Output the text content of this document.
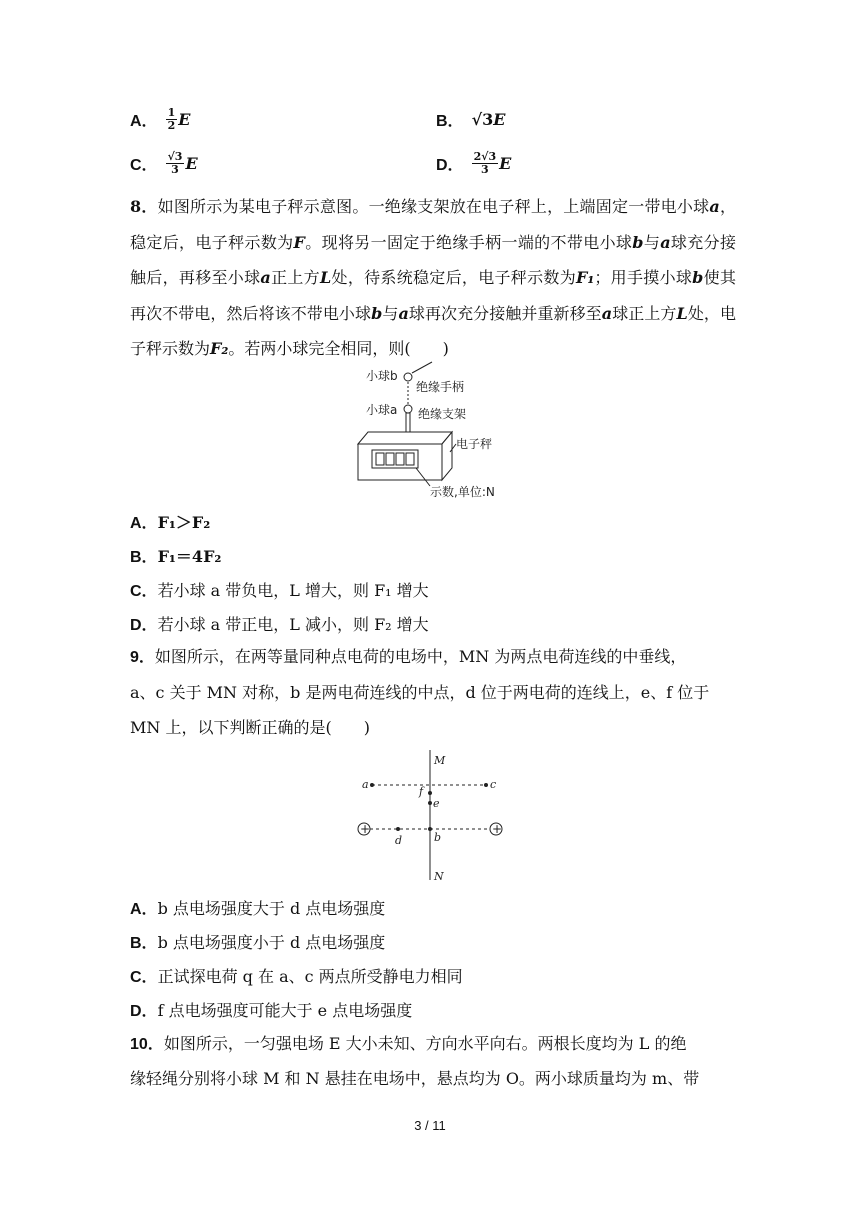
A． $\frac{1}{2}$ E	B． √3 E
C． $\frac{√3}{3}$ E	D． $\frac{2√3}{3}$ E
8．如图所示为某电子秤示意图。一绝缘支架放在电子秤上，上端固定一带电小球a，稳定后，电子秤示数为F。现将另一固定于绝缘手柄一端的不带电小球b与a球充分接触后，再移至小球a正上方L处，待系统稳定后，电子秤示数为F₁；用手摸小球b使其再次不带电，然后将该不带电小球b与a球再次充分接触并重新移至a球正上方L处，电子秤示数为F₂。若两小球完全相同，则(　　)
小球b
绝缘手柄
小球a 绝缘支架
电子秤
示数,单位:N
A．F₁＞F₂
B．F₁＝4F₂
C．若小球 a 带负电，L 增大，则 F₁ 增大
D．若小球 a 带正电，L 减小，则 F₂ 增大
9．如图所示，在两等量同种点电荷的电场中，MN 为两点电荷连线的中垂线，
a、c 关于 MN 对称，b 是两电荷连线的中点，d 位于两电荷的连线上，e、f 位于
MN 上，以下判断正确的是(　　)
M
N
a	c
f
e
+	+
d	b
A．b 点电场强度大于 d 点电场强度
B．b 点电场强度小于 d 点电场强度
C．正试探电荷 q 在 a、c 两点所受静电力相同
D．f 点电场强度可能大于 e 点电场强度
10．如图所示，一匀强电场 E 大小未知、方向水平向右。两根长度均为 L 的绝
缘轻绳分别将小球 M 和 N 悬挂在电场中，悬点均为 O。两小球质量均为 m、带
3 / 11
